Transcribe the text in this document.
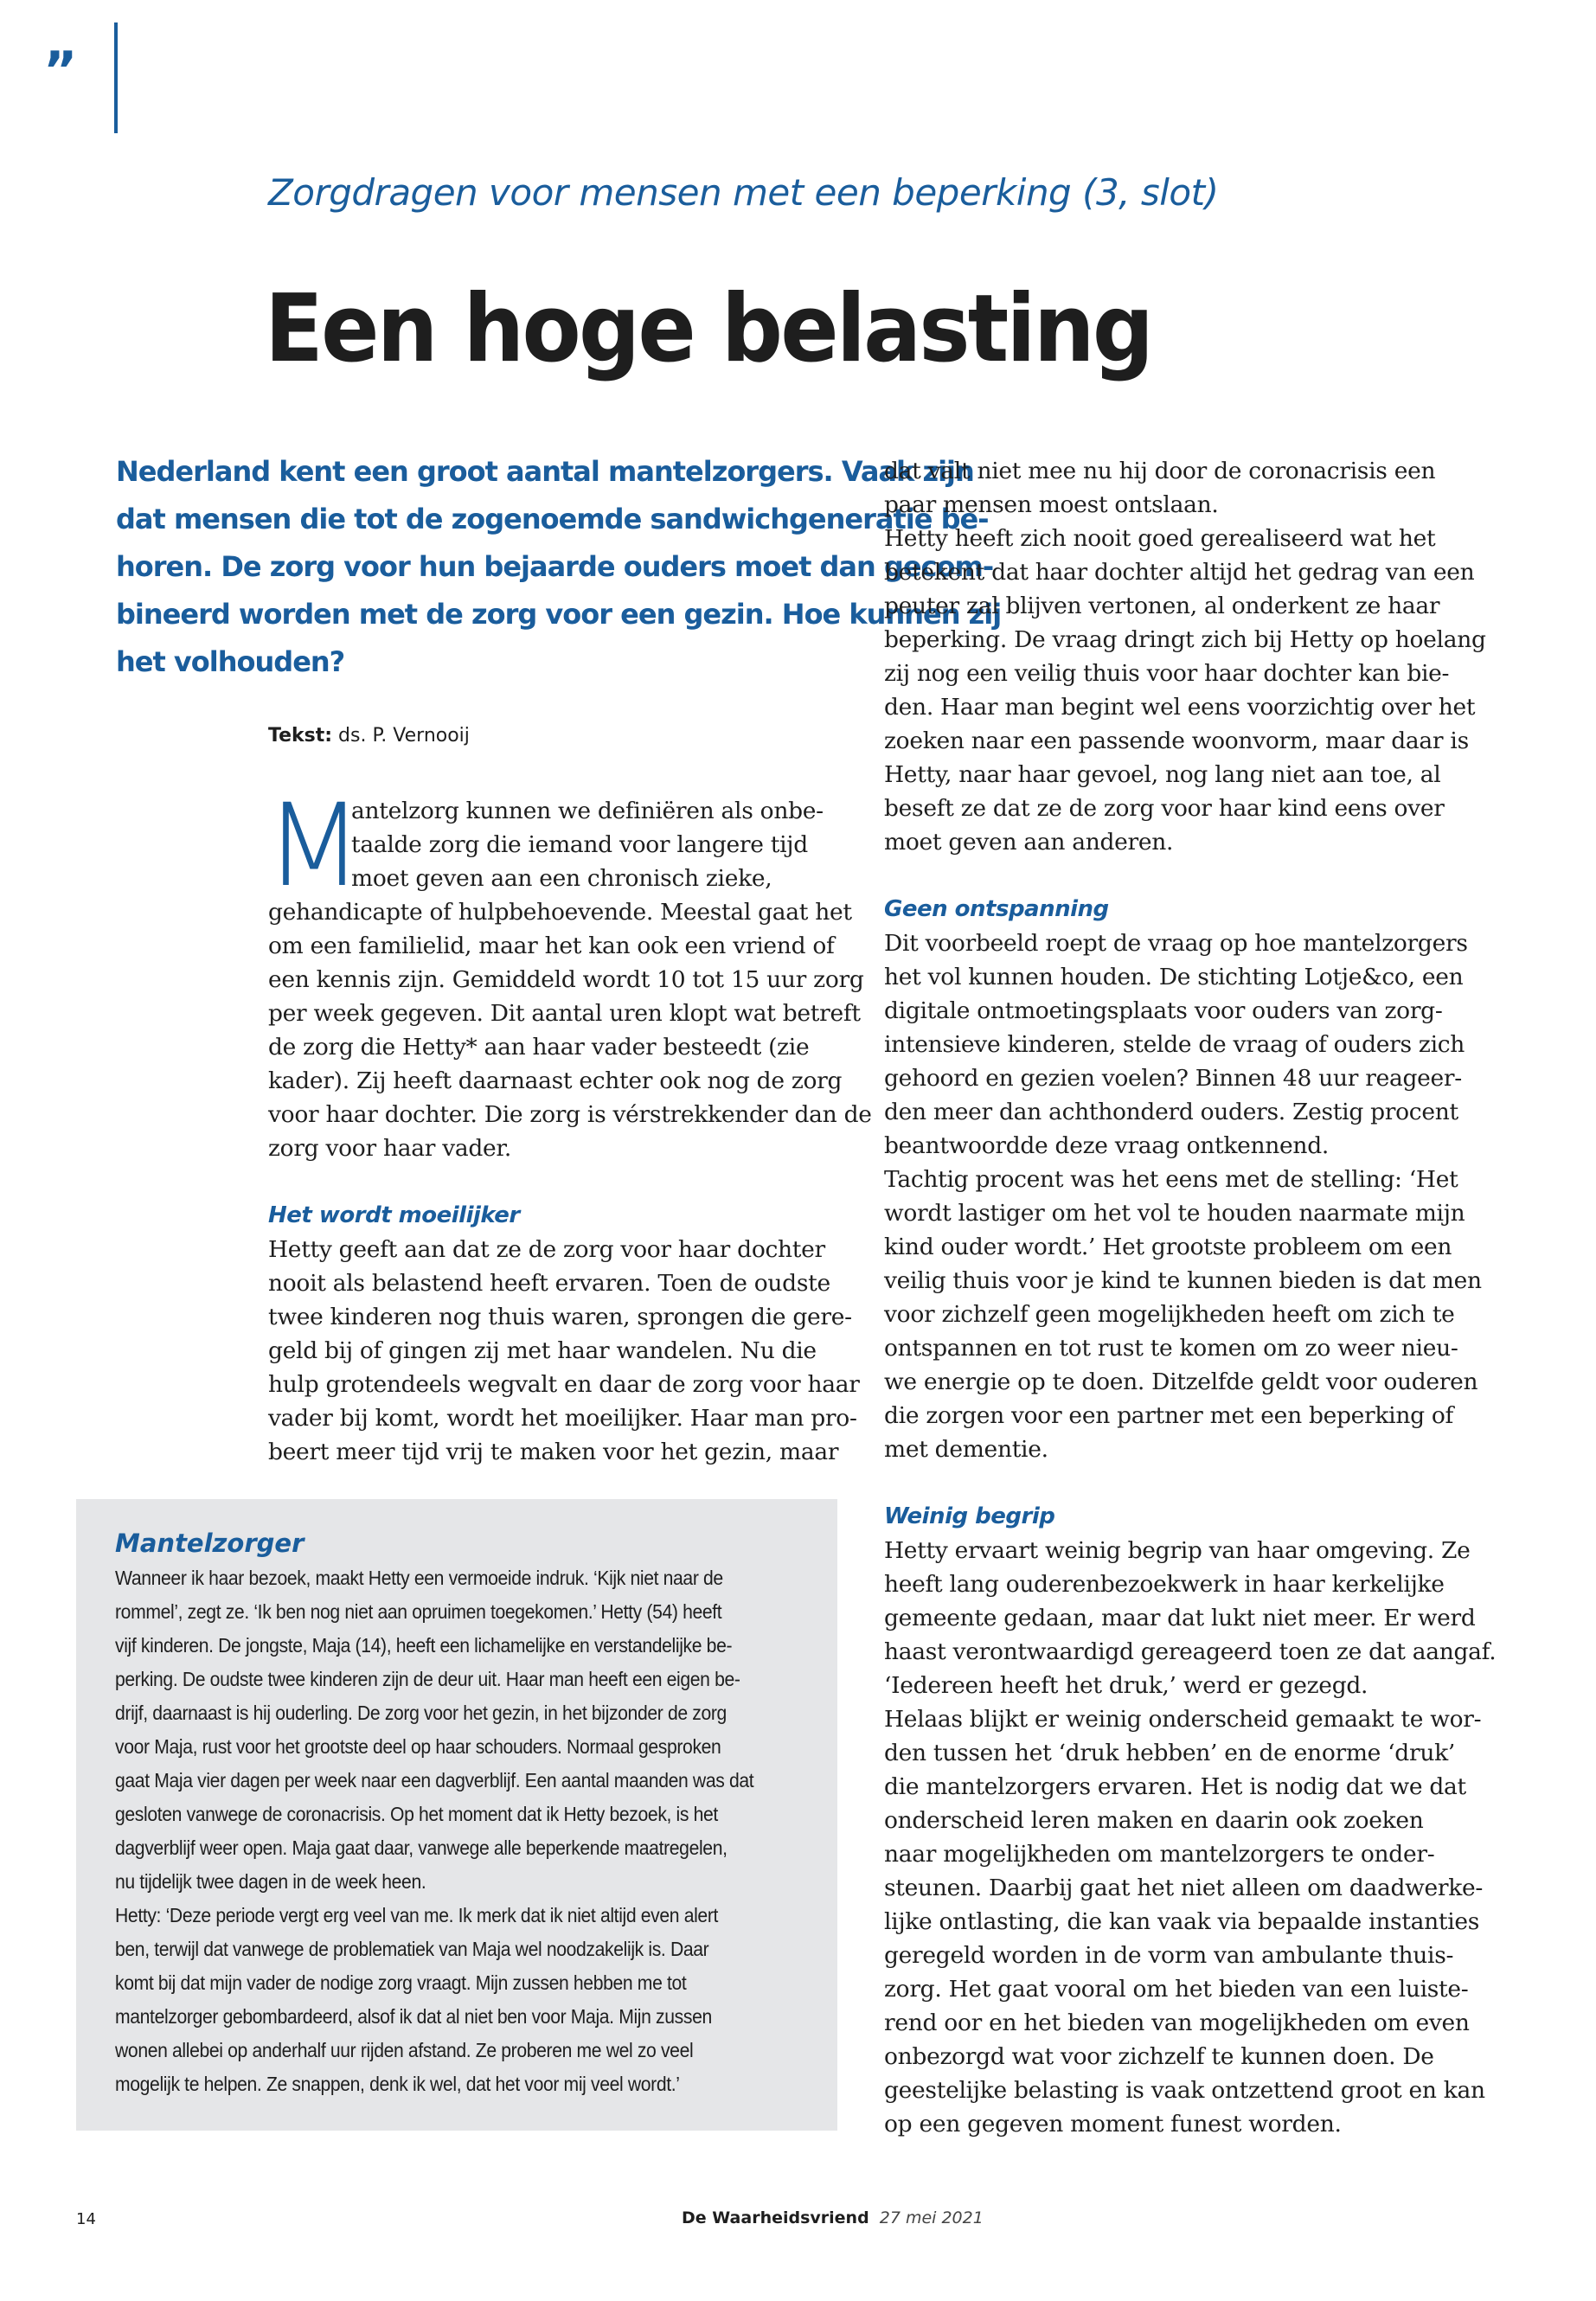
”
Zorgdragen voor mensen met een beperking (3, slot)
Een hoge belasting
Nederland kent een groot aantal mantelzorgers. Vaak zijn
dat mensen die tot de zogenoemde sandwichgeneratie be-
horen. De zorg voor hun bejaarde ouders moet dan gecom-
bineerd worden met de zorg voor een gezin. Hoe kunnen zij
het volhouden?
Tekst: ds. P. Vernooij
M
antelzorg kunnen we definiëren als onbe-
taalde zorg die iemand voor langere tijd
moet geven aan een chronisch zieke,
gehandicapte of hulpbehoevende. Meestal gaat het
om een familielid, maar het kan ook een vriend of
een kennis zijn. Gemiddeld wordt 10 tot 15 uur zorg
per week gegeven. Dit aantal uren klopt wat betreft
de zorg die Hetty* aan haar vader besteedt (zie
kader). Zij heeft daarnaast echter ook nog de zorg
voor haar dochter. Die zorg is vérstrekkender dan de
zorg voor haar vader.
Het wordt moeilijker
Hetty geeft aan dat ze de zorg voor haar dochter
nooit als belastend heeft ervaren. Toen de oudste
twee kinderen nog thuis waren, sprongen die gere-
geld bij of gingen zij met haar wandelen. Nu die
hulp grotendeels wegvalt en daar de zorg voor haar
vader bij komt, wordt het moeilijker. Haar man pro-
beert meer tijd vrij te maken voor het gezin, maar
dat valt niet mee nu hij door de coronacrisis een
paar mensen moest ontslaan.
Hetty heeft zich nooit goed gerealiseerd wat het
betekent dat haar dochter altijd het gedrag van een
peuter zal blijven vertonen, al onderkent ze haar
beperking. De vraag dringt zich bij Hetty op hoelang
zij nog een veilig thuis voor haar dochter kan bie-
den. Haar man begint wel eens voorzichtig over het
zoeken naar een passende woonvorm, maar daar is
Hetty, naar haar gevoel, nog lang niet aan toe, al
beseft ze dat ze de zorg voor haar kind eens over
moet geven aan anderen.
Geen ontspanning
Dit voorbeeld roept de vraag op hoe mantelzorgers
het vol kunnen houden. De stichting Lotje&co, een
digitale ontmoetingsplaats voor ouders van zorg-
intensieve kinderen, stelde de vraag of ouders zich
gehoord en gezien voelen? Binnen 48 uur reageer-
den meer dan achthonderd ouders. Zestig procent
beantwoordde deze vraag ontkennend.
Tachtig procent was het eens met de stelling: ‘Het
wordt lastiger om het vol te houden naarmate mijn
kind ouder wordt.’ Het grootste probleem om een
veilig thuis voor je kind te kunnen bieden is dat men
voor zichzelf geen mogelijkheden heeft om zich te
ontspannen en tot rust te komen om zo weer nieu-
we energie op te doen. Ditzelfde geldt voor ouderen
die zorgen voor een partner met een beperking of
met dementie.
Weinig begrip
Hetty ervaart weinig begrip van haar omgeving. Ze
heeft lang ouderenbezoekwerk in haar kerkelijke
gemeente gedaan, maar dat lukt niet meer. Er werd
haast verontwaardigd gereageerd toen ze dat aangaf.
‘Iedereen heeft het druk,’ werd er gezegd.
Helaas blijkt er weinig onderscheid gemaakt te wor-
den tussen het ‘druk hebben’ en de enorme ‘druk’
die mantelzorgers ervaren. Het is nodig dat we dat
onderscheid leren maken en daarin ook zoeken
naar mogelijkheden om mantelzorgers te onder-
steunen. Daarbij gaat het niet alleen om daadwerke-
lijke ontlasting, die kan vaak via bepaalde instanties
geregeld worden in de vorm van ambulante thuis-
zorg. Het gaat vooral om het bieden van een luiste-
rend oor en het bieden van mogelijkheden om even
onbezorgd wat voor zichzelf te kunnen doen. De
geestelijke belasting is vaak ontzettend groot en kan
op een gegeven moment funest worden.
Mantelzorger
Wanneer ik haar bezoek, maakt Hetty een vermoeide indruk. ‘Kijk niet naar de
rommel’, zegt ze. ‘Ik ben nog niet aan opruimen toegekomen.’ Hetty (54) heeft
vijf kinderen. De jongste, Maja (14), heeft een lichamelijke en verstandelijke be-
perking. De oudste twee kinderen zijn de deur uit. Haar man heeft een eigen be-
drijf, daarnaast is hij ouderling. De zorg voor het gezin, in het bijzonder de zorg
voor Maja, rust voor het grootste deel op haar schouders. Normaal gesproken
gaat Maja vier dagen per week naar een dagverblijf. Een aantal maanden was dat
gesloten vanwege de coronacrisis. Op het moment dat ik Hetty bezoek, is het
dagverblijf weer open. Maja gaat daar, vanwege alle beperkende maatregelen,
nu tijdelijk twee dagen in de week heen.
Hetty: ‘Deze periode vergt erg veel van me. Ik merk dat ik niet altijd even alert
ben, terwijl dat vanwege de problematiek van Maja wel noodzakelijk is. Daar
komt bij dat mijn vader de nodige zorg vraagt. Mijn zussen hebben me tot
mantelzorger gebombardeerd, alsof ik dat al niet ben voor Maja. Mijn zussen
wonen allebei op anderhalf uur rijden afstand. Ze proberen me wel zo veel
mogelijk te helpen. Ze snappen, denk ik wel, dat het voor mij veel wordt.’
14	De Waarheidsvriend 27 mei 2021
